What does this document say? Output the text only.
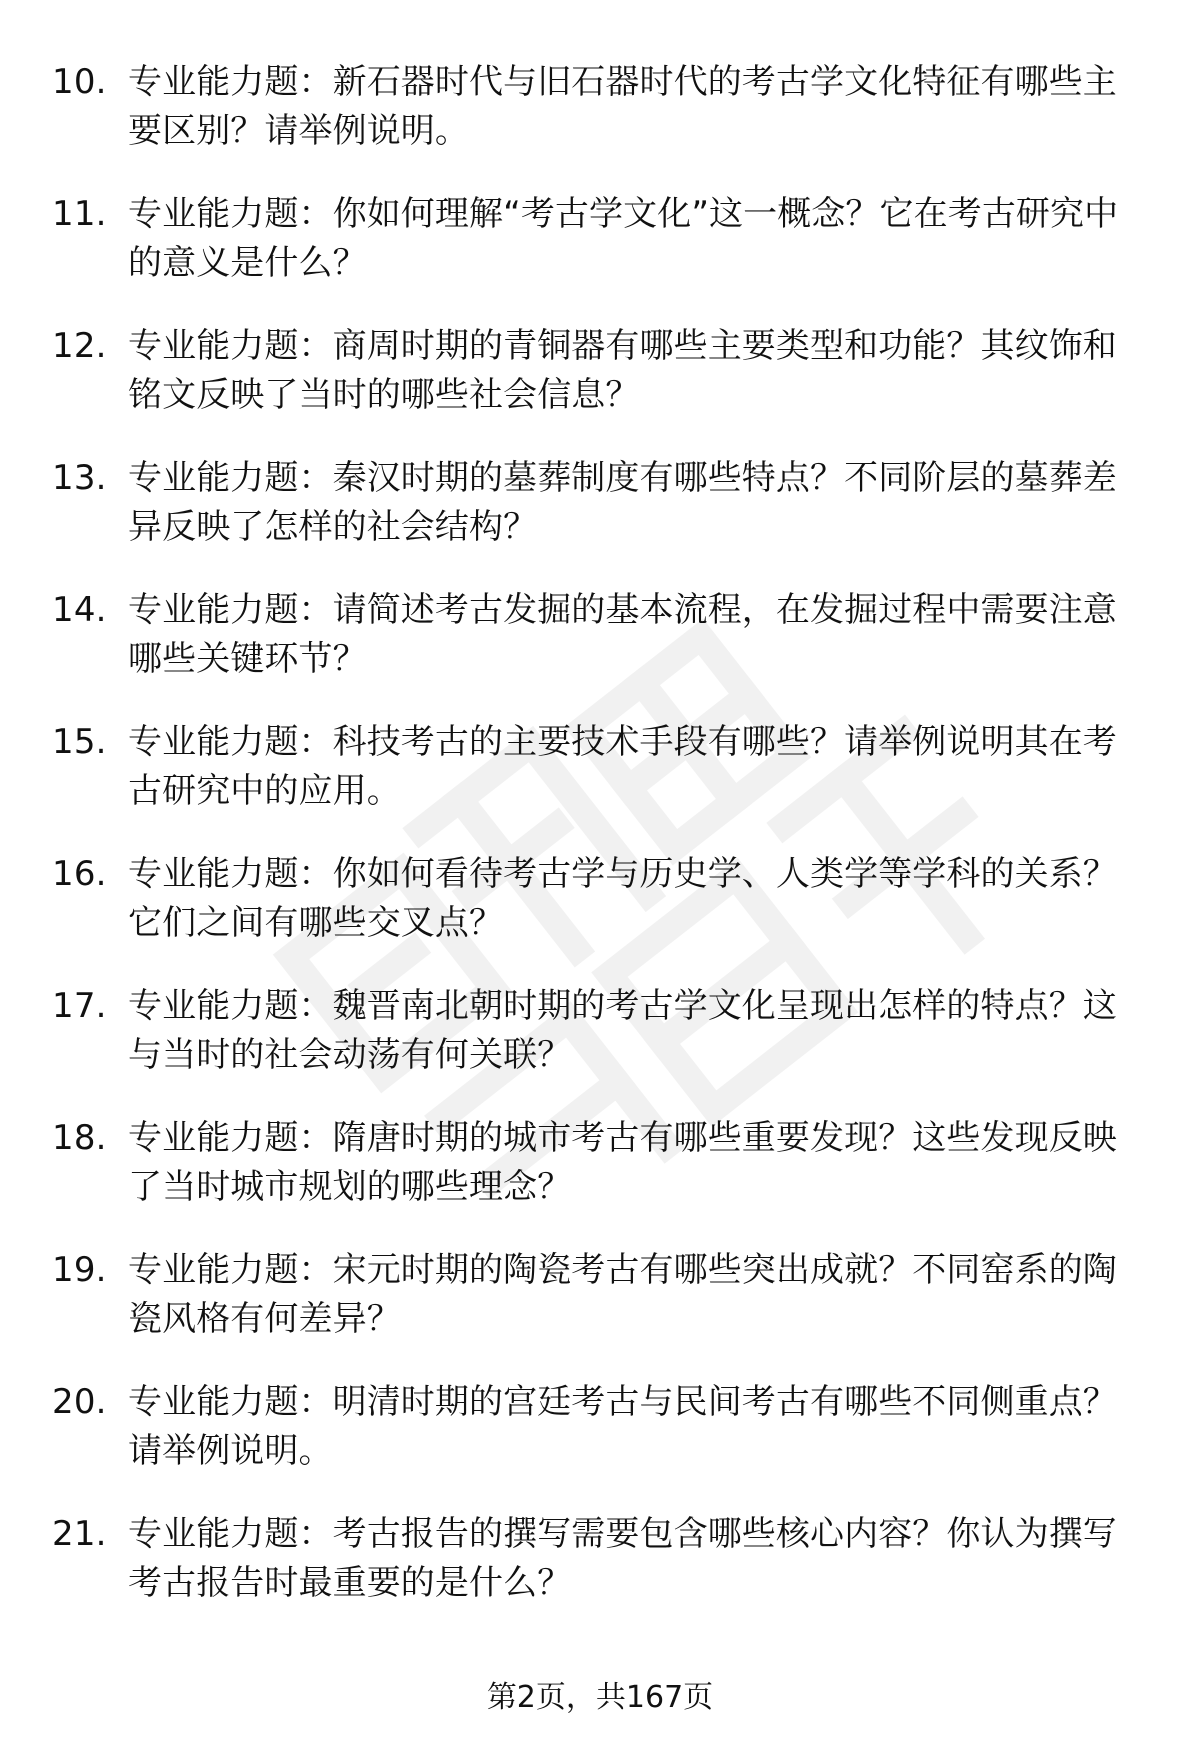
10. 专业能力题：新石器时代与旧石器时代的考古学文化特征有哪些主要区别？请举例说明。
11. 专业能力题：你如何理解“考古学文化”这一概念？它在考古研究中的意义是什么？
12. 专业能力题：商周时期的青铜器有哪些主要类型和功能？其纹饰和铭文反映了当时的哪些社会信息？
13. 专业能力题：秦汉时期的墓葬制度有哪些特点？不同阶层的墓葬差异反映了怎样的社会结构？
14. 专业能力题：请简述考古发掘的基本流程，在发掘过程中需要注意哪些关键环节？
15. 专业能力题：科技考古的主要技术手段有哪些？请举例说明其在考古研究中的应用。
16. 专业能力题：你如何看待考古学与历史学、人类学等学科的关系？它们之间有哪些交叉点？
17. 专业能力题：魏晋南北朝时期的考古学文化呈现出怎样的特点？这与当时的社会动荡有何关联？
18. 专业能力题：隋唐时期的城市考古有哪些重要发现？这些发现反映了当时城市规划的哪些理念？
19. 专业能力题：宋元时期的陶瓷考古有哪些突出成就？不同窑系的陶瓷风格有何差异？
20. 专业能力题：明清时期的宫廷考古与民间考古有哪些不同侧重点？请举例说明。
21. 专业能力题：考古报告的撰写需要包含哪些核心内容？你认为撰写考古报告时最重要的是什么？
第2页，共167页
